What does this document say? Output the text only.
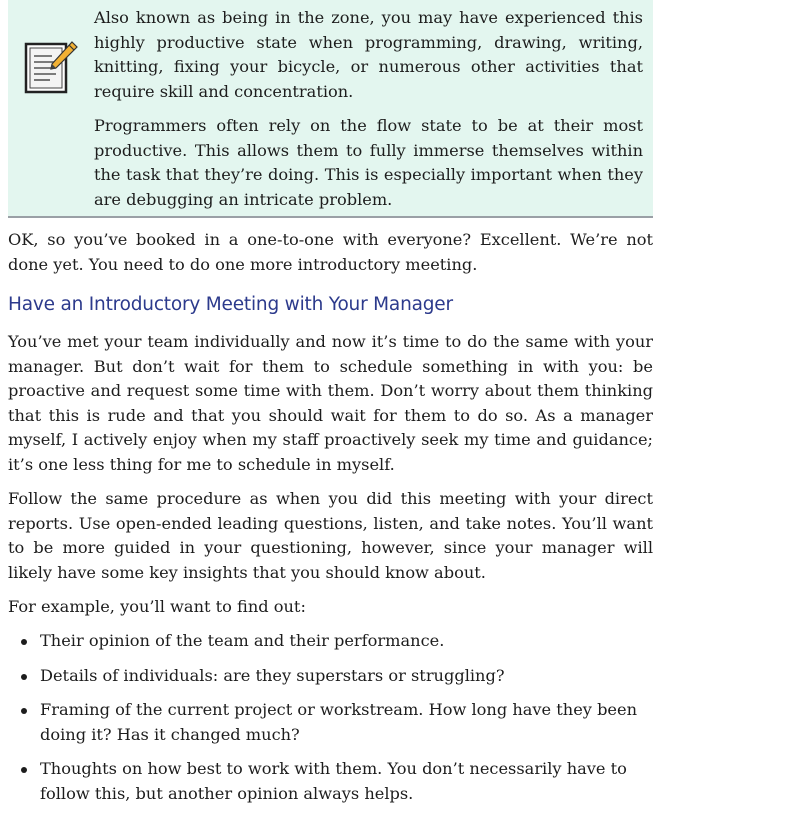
Also known as being in the zone, you may have experienced this highly productive state when programming, drawing, writing, knitting, fixing your bicycle, or numerous other activities that require skill and concentration.

Programmers often rely on the flow state to be at their most productive. This allows them to fully immerse themselves within the task that they’re doing. This is especially important when they are debugging an intricate problem.

OK, so you’ve booked in a one-to-one with everyone? Excellent. We’re not done yet. You need to do one more introductory meeting.

Have an Introductory Meeting with Your Manager

You’ve met your team individually and now it’s time to do the same with your manager. But don’t wait for them to schedule something in with you: be proactive and request some time with them. Don’t worry about them thinking that this is rude and that you should wait for them to do so. As a manager myself, I actively enjoy when my staff proactively seek my time and guidance; it’s one less thing for me to schedule in myself.

Follow the same procedure as when you did this meeting with your direct reports. Use open-ended leading questions, listen, and take notes. You’ll want to be more guided in your questioning, however, since your manager will likely have some key insights that you should know about.

For example, you’ll want to find out:

Their opinion of the team and their performance.
Details of individuals: are they superstars or struggling?
Framing of the current project or workstream. How long have they been doing it? Has it changed much?
Thoughts on how best to work with them. You don’t necessarily have to follow this, but another opinion always helps.
